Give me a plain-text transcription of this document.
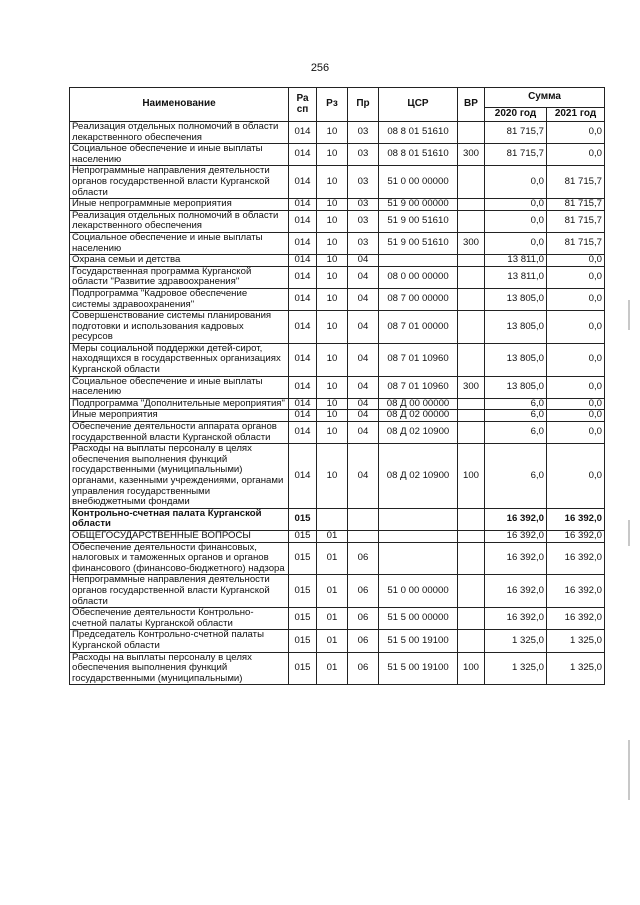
256
Наименование	Ра сп	Рз	Пр	ЦСР	ВР	Сумма	
						2020 год	2021 год
Реализация отдельных полномочий в области лекарственного обеспечения	014	10	03	08 8 01 51610		81 715,7	0,0
Социальное обеспечение и иные выплаты населению	014	10	03	08 8 01 51610	300	81 715,7	0,0
Непрограммные направления деятельности органов государственной власти Курганской области	014	10	03	51 0 00 00000		0,0	81 715,7
Иные непрограммные мероприятия	014	10	03	51 9 00 00000		0,0	81 715,7
Реализация отдельных полномочий в области лекарственного обеспечения	014	10	03	51 9 00 51610		0,0	81 715,7
Социальное обеспечение и иные выплаты населению	014	10	03	51 9 00 51610	300	0,0	81 715,7
Охрана семьи и детства	014	10	04			13 811,0	0,0
Государственная программа Курганской области "Развитие здравоохранения"	014	10	04	08 0 00 00000		13 811,0	0,0
Подпрограмма "Кадровое обеспечение системы здравоохранения"	014	10	04	08 7 00 00000		13 805,0	0,0
Совершенствование системы планирования подготовки и использования кадровых ресурсов	014	10	04	08 7 01 00000		13 805,0	0,0
Меры социальной поддержки детей-сирот, находящихся в государственных организациях Курганской области	014	10	04	08 7 01 10960		13 805,0	0,0
Социальное обеспечение и иные выплаты населению	014	10	04	08 7 01 10960	300	13 805,0	0,0
Подпрограмма "Дополнительные мероприятия"	014	10	04	08 Д 00 00000		6,0	0,0
Иные мероприятия	014	10	04	08 Д 02 00000		6,0	0,0
Обеспечение деятельности аппарата органов государственной власти Курганской области	014	10	04	08 Д 02 10900		6,0	0,0
Расходы на выплаты персоналу в целях обеспечения выполнения функций государственными (муниципальными) органами, казенными учреждениями, органами управления государственными внебюджетными фондами	014	10	04	08 Д 02 10900	100	6,0	0,0
Контрольно-счетная палата Курганской области	015					16 392,0	16 392,0
ОБЩЕГОСУДАРСТВЕННЫЕ ВОПРОСЫ	015	01				16 392,0	16 392,0
Обеспечение деятельности финансовых, налоговых и таможенных органов и органов финансового (финансово-бюджетного) надзора	015	01	06			16 392,0	16 392,0
Непрограммные направления деятельности органов государственной власти Курганской области	015	01	06	51 0 00 00000		16 392,0	16 392,0
Обеспечение деятельности Контрольно-счетной палаты Курганской области	015	01	06	51 5 00 00000		16 392,0	16 392,0
Председатель Контрольно-счетной палаты Курганской области	015	01	06	51 5 00 19100		1 325,0	1 325,0
Расходы на выплаты персоналу в целях обеспечения выполнения функций государственными (муниципальными)	015	01	06	51 5 00 19100	100	1 325,0	1 325,0
